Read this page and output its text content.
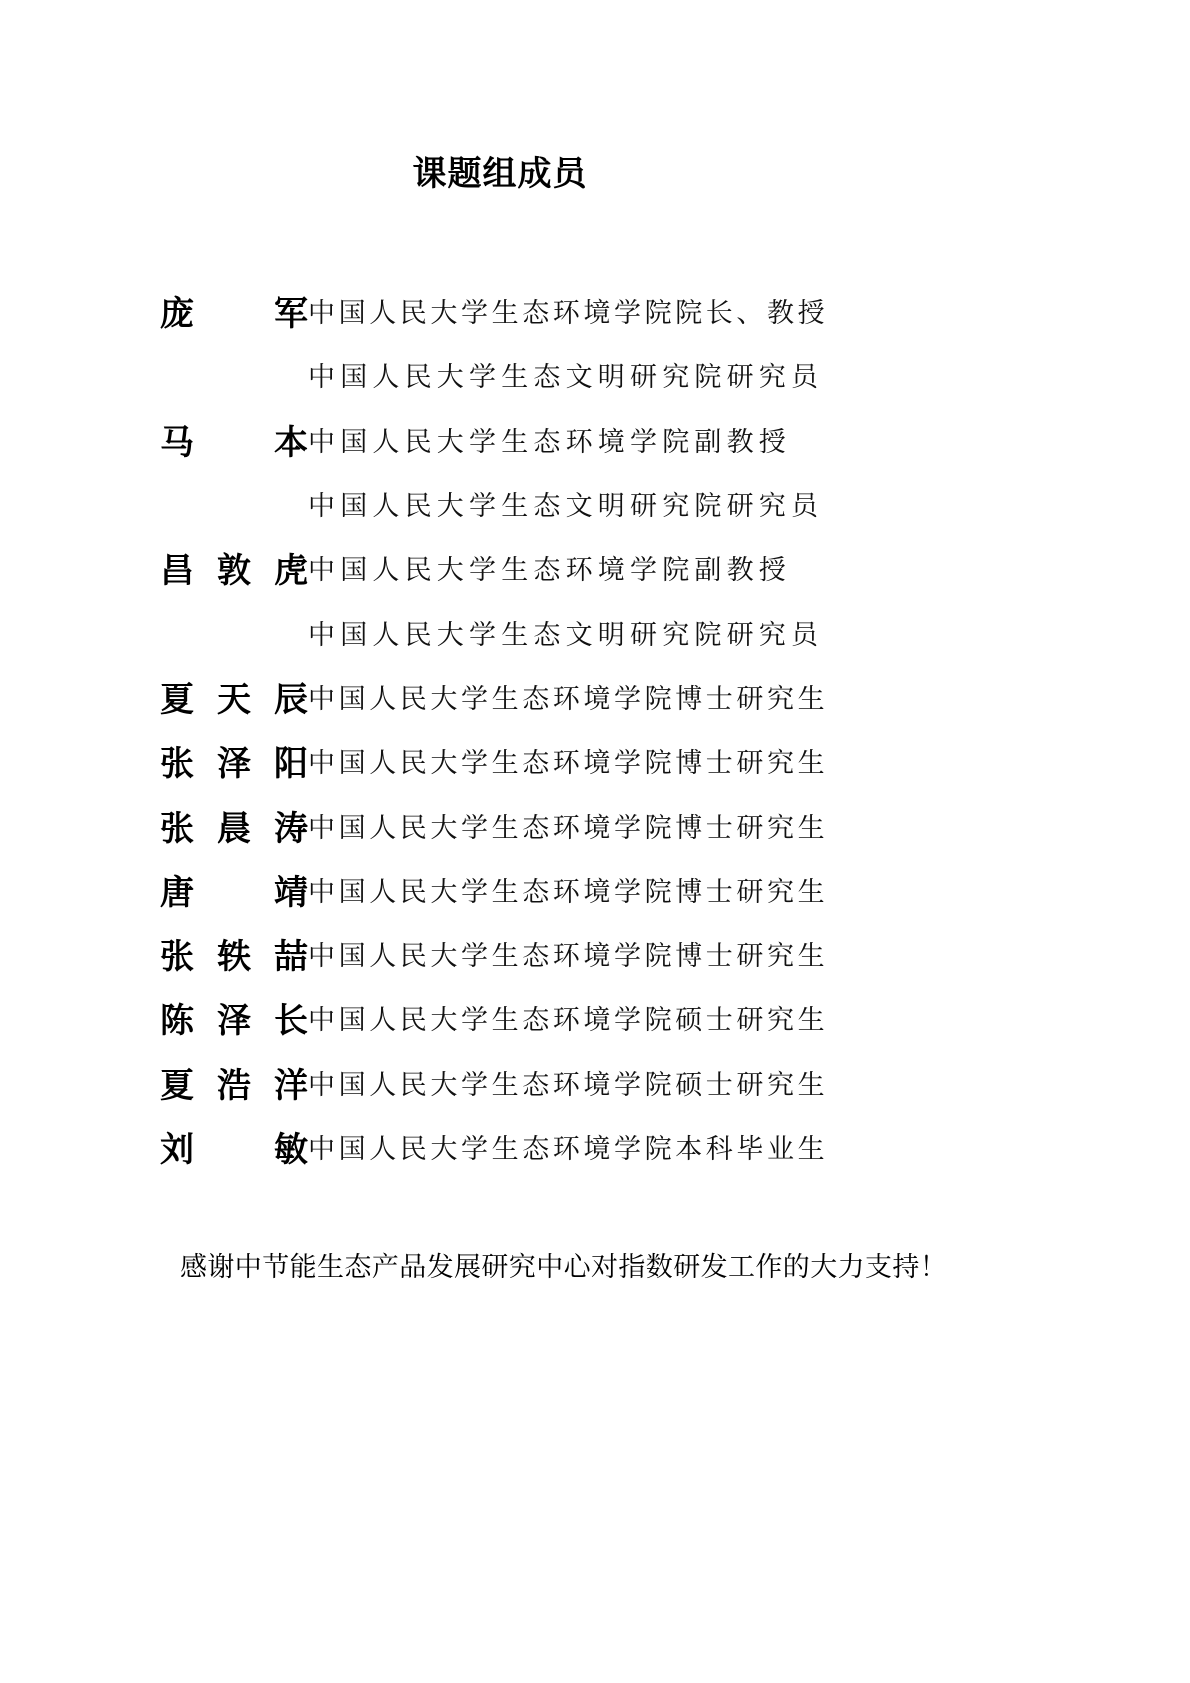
课题组成员
庞　军 中国人民大学生态环境学院院长、教授
中国人民大学生态文明研究院研究员
马　本 中国人民大学生态环境学院副教授
中国人民大学生态文明研究院研究员
昌敦虎 中国人民大学生态环境学院副教授
中国人民大学生态文明研究院研究员
夏天辰 中国人民大学生态环境学院博士研究生
张泽阳 中国人民大学生态环境学院博士研究生
张晨涛 中国人民大学生态环境学院博士研究生
唐　靖 中国人民大学生态环境学院博士研究生
张轶喆 中国人民大学生态环境学院博士研究生
陈泽长 中国人民大学生态环境学院硕士研究生
夏浩洋 中国人民大学生态环境学院硕士研究生
刘　敏 中国人民大学生态环境学院本科毕业生
感谢中节能生态产品发展研究中心对指数研发工作的大力支持！
